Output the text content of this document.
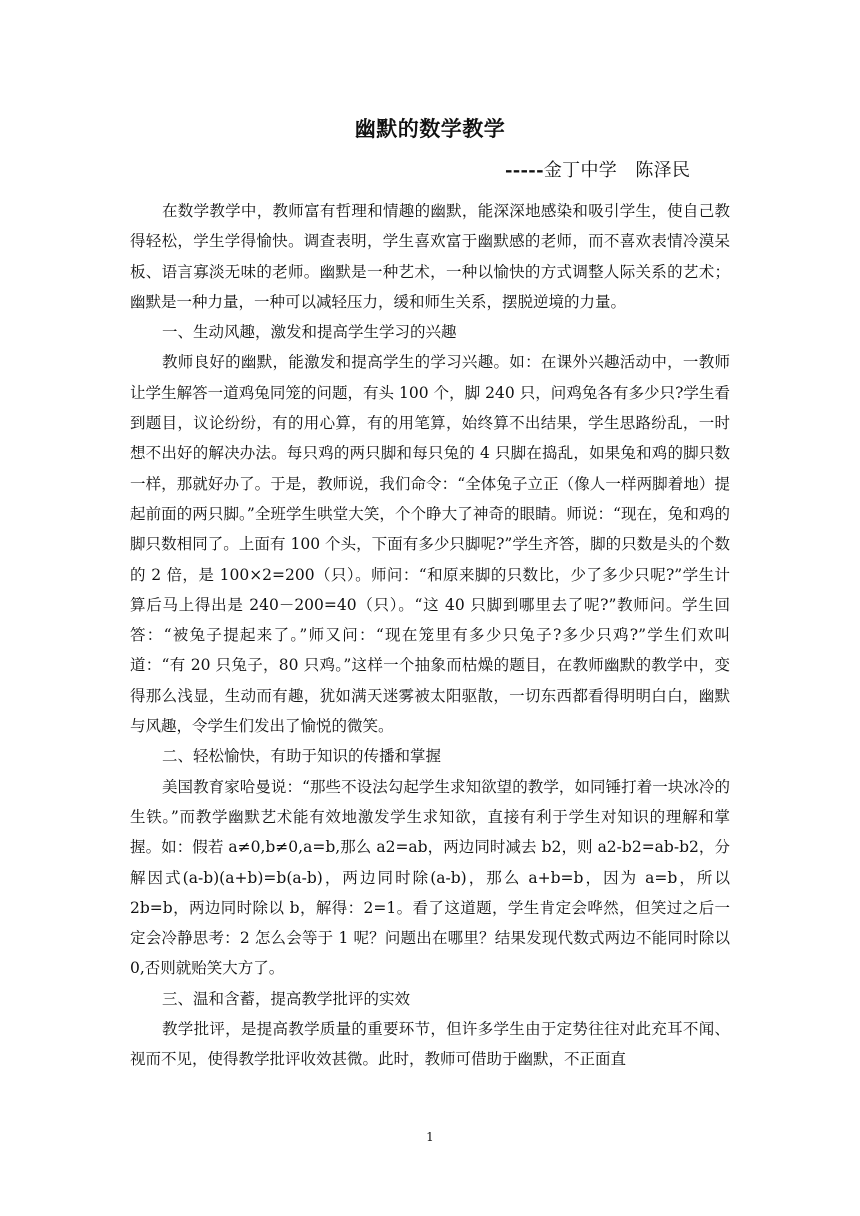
幽默的数学教学
-----金丁中学　陈泽民

在数学教学中，教师富有哲理和情趣的幽默，能深深地感染和吸引学生，使自己教得轻松，学生学得愉快。调查表明，学生喜欢富于幽默感的老师，而不喜欢表情冷漠呆板、语言寡淡无味的老师。幽默是一种艺术，一种以愉快的方式调整人际关系的艺术；幽默是一种力量，一种可以减轻压力，缓和师生关系，摆脱逆境的力量。

一、生动风趣，激发和提高学生学习的兴趣

教师良好的幽默，能激发和提高学生的学习兴趣。如：在课外兴趣活动中，一教师让学生解答一道鸡兔同笼的问题，有头 100 个，脚 240 只，问鸡兔各有多少只?学生看到题目，议论纷纷，有的用心算，有的用笔算，始终算不出结果，学生思路纷乱，一时想不出好的解决办法。每只鸡的两只脚和每只兔的 4 只脚在捣乱，如果兔和鸡的脚只数一样，那就好办了。于是，教师说，我们命令：“全体兔子立正（像人一样两脚着地）提起前面的两只脚。”全班学生哄堂大笑，个个睁大了神奇的眼睛。师说：“现在，兔和鸡的脚只数相同了。上面有 100 个头，下面有多少只脚呢?”学生齐答，脚的只数是头的个数的 2 倍，是 100×2=200（只）。师问：“和原来脚的只数比，少了多少只呢?”学生计算后马上得出是 240－200=40（只）。“这 40 只脚到哪里去了呢?”教师问。学生回答：“被兔子提起来了。”师又问：“现在笼里有多少只兔子?多少只鸡?”学生们欢叫道：“有 20 只兔子，80 只鸡。”这样一个抽象而枯燥的题目，在教师幽默的教学中，变得那么浅显，生动而有趣，犹如满天迷雾被太阳驱散，一切东西都看得明明白白，幽默与风趣，令学生们发出了愉悦的微笑。

二、轻松愉快，有助于知识的传播和掌握

美国教育家哈曼说：“那些不设法勾起学生求知欲望的教学，如同锤打着一块冰冷的生铁。”而教学幽默艺术能有效地激发学生求知欲，直接有利于学生对知识的理解和掌握。如：假若 a≠0,b≠0,a=b,那么 a2=ab，两边同时减去 b2，则 a2-b2=ab-b2，分解因式(a-b)(a+b)=b(a-b)，两边同时除(a-b)，那么 a+b=b，因为 a=b，所以 2b=b，两边同时除以 b，解得：2=1。看了这道题，学生肯定会哗然，但笑过之后一定会冷静思考：2 怎么会等于 1 呢？问题出在哪里？结果发现代数式两边不能同时除以 0,否则就贻笑大方了。

三、温和含蓄，提高教学批评的实效

教学批评，是提高教学质量的重要环节，但许多学生由于定势往往对此充耳不闻、视而不见，使得教学批评收效甚微。此时，教师可借助于幽默，不正面直

1
